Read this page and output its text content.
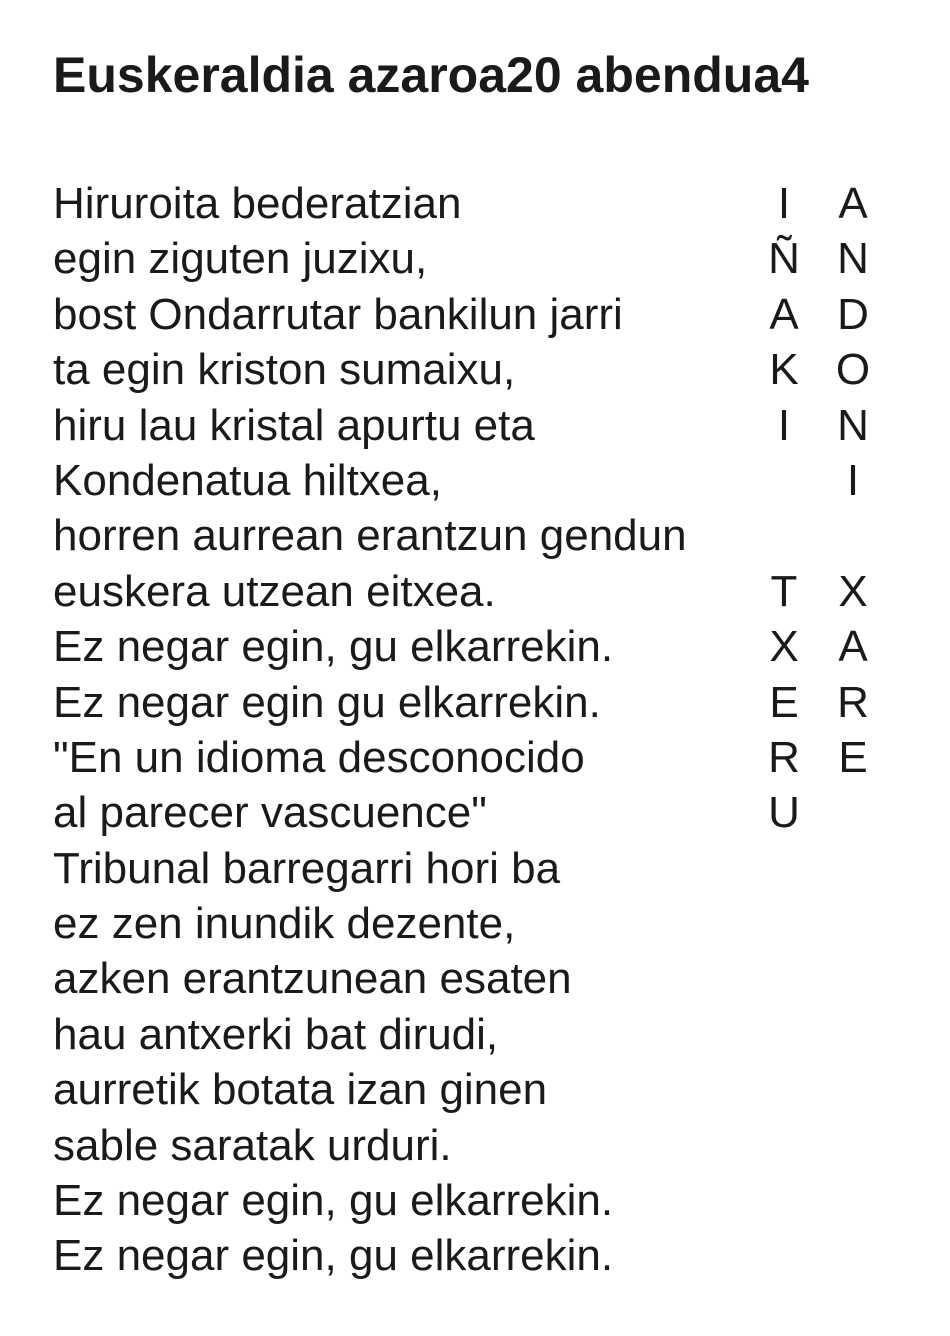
Euskeraldia azaroa20 abendua4
Hiruroita bederatzian
egin ziguten juzixu,
bost Ondarrutar bankilun jarri
ta egin kriston sumaixu,
hiru lau kristal apurtu eta
Kondenatua hiltxea,
horren aurrean erantzun gendun
euskera utzean eitxea.
Ez negar egin, gu elkarrekin.
Ez negar egin gu elkarrekin.
"En un idioma desconocido
al parecer vascuence"
Tribunal barregarri hori ba
ez zen inundik dezente,
azken erantzunean esaten
hau antxerki bat dirudi,
aurretik botata izan ginen
sable saratak urduri.
Ez negar egin, gu elkarrekin.
Ez negar egin, gu elkarrekin.
I
Ñ
A
K
I
T
X
E
R
U
A
N
D
O
N
I
X
A
R
E
